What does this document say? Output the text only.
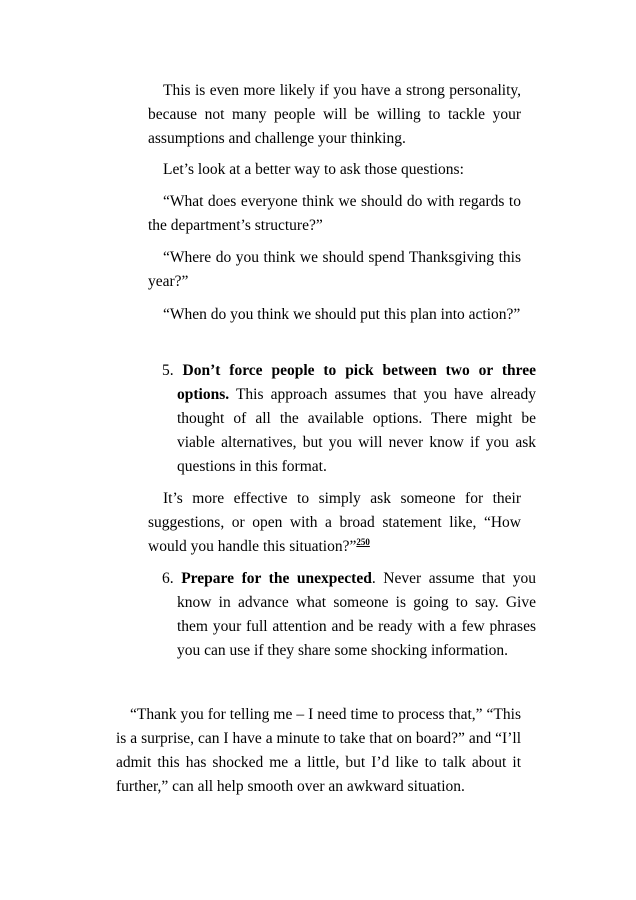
This is even more likely if you have a strong personality, because not many people will be willing to tackle your assumptions and challenge your thinking.

Let’s look at a better way to ask those questions:

“What does everyone think we should do with regards to the department’s structure?”

“Where do you think we should spend Thanksgiving this year?”

“When do you think we should put this plan into action?”

5. Don’t force people to pick between two or three options. This approach assumes that you have already thought of all the available options. There might be viable alternatives, but you will never know if you ask questions in this format.

It’s more effective to simply ask someone for their suggestions, or open with a broad statement like, “How would you handle this situation?”$^{250}$

6. Prepare for the unexpected. Never assume that you know in advance what someone is going to say. Give them your full attention and be ready with a few phrases you can use if they share some shocking information.

“Thank you for telling me – I need time to process that,” “This is a surprise, can I have a minute to take that on board?” and “I’ll admit this has shocked me a little, but I’d like to talk about it further,” can all help smooth over an awkward situation.
